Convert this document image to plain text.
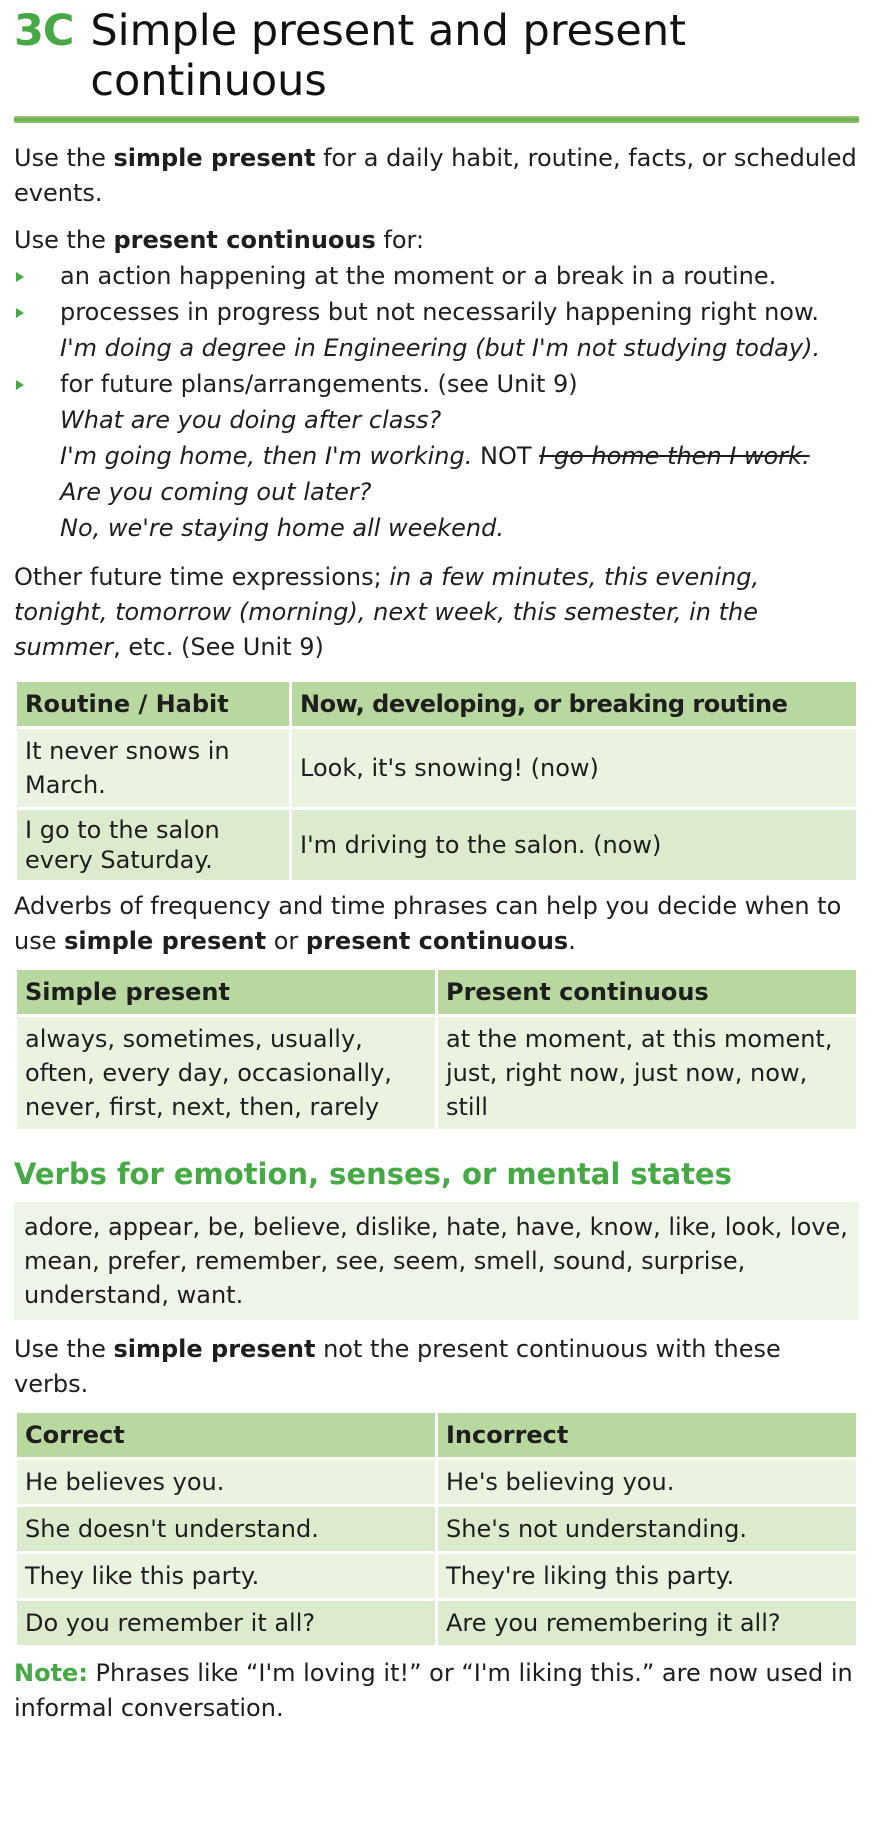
3C Simple present and present continuous

Use the simple present for a daily habit, routine, facts, or scheduled events.

Use the present continuous for:

an action happening at the moment or a break in a routine.
processes in progress but not necessarily happening right now.
I'm doing a degree in Engineering (but I'm not studying today).
for future plans/arrangements. (see Unit 9)
What are you doing after class?
I'm going home, then I'm working. NOT I go home then I work.
Are you coming out later?
No, we're staying home all weekend.

Other future time expressions; in a few minutes, this evening, tonight, tomorrow (morning), next week, this semester, in the summer, etc. (See Unit 9)

Routine / Habit	Now, developing, or breaking routine
It never snows in March.	Look, it's snowing! (now)
I go to the salon every Saturday.	I'm driving to the salon. (now)

Adverbs of frequency and time phrases can help you decide when to use simple present or present continuous.

Simple present	Present continuous
always, sometimes, usually, often, every day, occasionally, never, first, next, then, rarely	at the moment, at this moment, just, right now, just now, now, still
Verbs for emotion, senses, or mental states
adore, appear, be, believe, dislike, hate, have, know, like, look, love, mean, prefer, remember, see, seem, smell, sound, surprise, understand, want.

Use the simple present not the present continuous with these verbs.

Correct	Incorrect
He believes you.	He's believing you.
She doesn't understand.	She's not understanding.
They like this party.	They're liking this party.
Do you remember it all?	Are you remembering it all?

Note: Phrases like “I'm loving it!” or “I'm liking this.” are now used in informal conversation.
